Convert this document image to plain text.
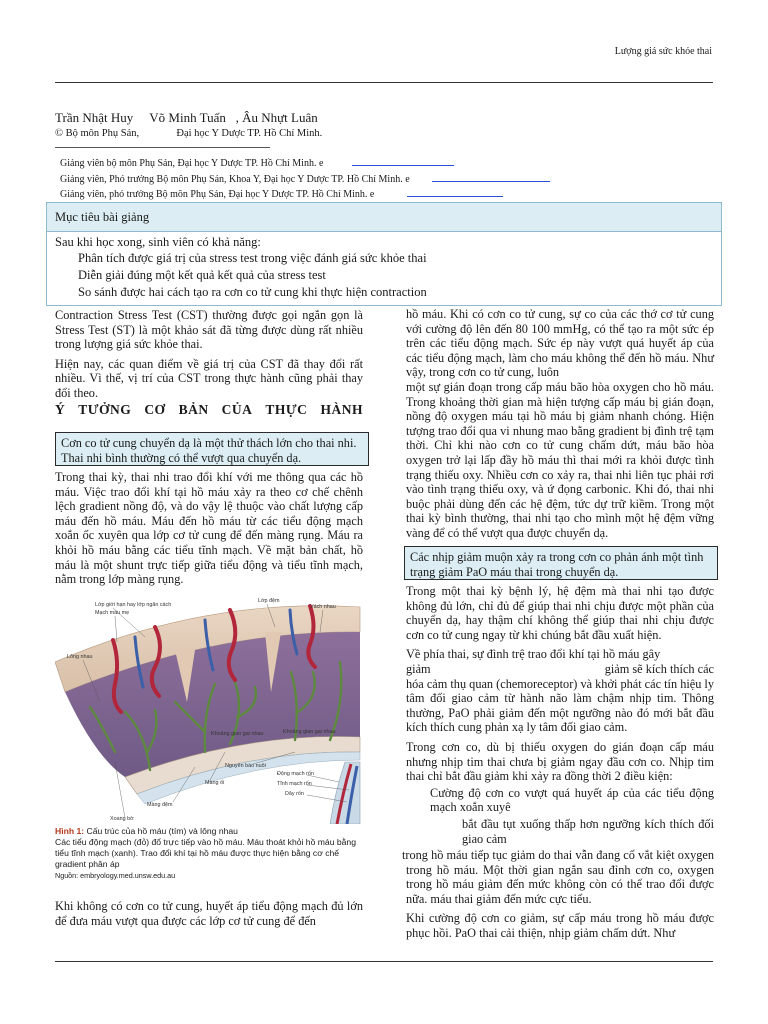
Lượng giá sức khỏe thai
Trần Nhật Huy     Võ Minh Tuấn   , Âu Nhựt Luân
© Bộ môn Phụ Sản,	Đại học Y Dược TP. Hồ Chí Minh.
Giảng viên bộ môn Phụ Sản, Đại học Y Dược TP. Hồ Chí Minh. e
Giảng viên, Phó trưởng Bộ môn Phụ Sản, Khoa Y, Đại học Y Dược TP. Hồ Chí Minh. e
Giảng viên, phó trưởng Bộ môn Phụ Sản, Đại học Y Dược TP. Hồ Chí Minh. e
Mục tiêu bài giảng
Sau khi học xong, sinh viên có khả năng:
Phân tích được giá trị của stress test trong việc đánh giá sức khỏe thai
Diễn giải đúng một kết quả kết quả của stress test
So sánh được hai cách tạo ra cơn co tử cung khi thực hiện contraction

Contraction Stress Test (CST) thường được gọi ngắn gọn là Stress Test (ST) là một khảo sát đã từng được dùng rất nhiều trong lượng giá sức khỏe thai.

Hiện nay, các quan điểm về giá trị của CST đã thay đổi rất nhiều. Vì thế, vị trí của CST trong thực hành cũng phải thay đổi theo.

Ý TƯỞNG CƠ BẢN CỦA THỰC HÀNH
Cơn co tử cung chuyển dạ là một thử thách lớn cho thai nhi. Thai nhi bình thường có thể vượt qua chuyển dạ.

Trong thai kỳ, thai nhi trao đổi khí với me thông qua các hồ máu. Việc trao đổi khí tại hồ máu xảy ra theo cơ chế chênh lệch gradient nồng độ, và do vậy lệ thuộc vào chất lượng cấp máu đến hồ máu. Máu đến hồ máu từ các tiểu động mạch xoắn ốc xuyên qua lớp cơ tử cung để đến màng rụng. Máu ra khỏi hồ máu bằng các tiểu tĩnh mạch. Về mặt bản chất, hồ máu là một shunt trực tiếp giữa tiểu động và tiểu tĩnh mạch, nằm trong lớp màng rụng.

Lớp giới hạn hay lớp ngăn cách
Mạch máu mẹ
Lớp đệm
Vách nhau
Lông nhau
Khoảng gian gai nhau	Khoảng gian gai nhau
Nguyên bào nuôi
Màng đệm
Màng ối
Động mạch rốn
Tĩnh mạch rốn
Dây rốn
Xoang bờ
Hình 1: Cấu trúc của hồ máu (tím) và lông nhau
Các tiểu động mạch (đỏ) đổ trực tiếp vào hồ máu. Máu thoát khỏi hồ máu bằng tiểu tĩnh mạch (xanh). Trao đổi khí tại hồ máu được thực hiện bằng cơ chế gradient phân áp
Nguồn: embryology.med.unsw.edu.au

Khi không có cơn co tử cung, huyết áp tiểu động mạch đủ lớn để đưa máu vượt qua được các lớp cơ tử cung để đến

hồ máu. Khi có cơn co tử cung, sự co của các thớ cơ tử cung với cường độ lên đến 80 100 mmHg, có thể tạo ra một sức ép trên các tiểu động mạch. Sức ép này vượt quá huyết áp của các tiểu động mạch, làm cho máu không thể đến hồ máu. Như vậy, trong cơn co tử cung, luôn

một sự gián đoạn trong cấp máu bão hòa oxygen cho hồ máu. Trong khoảng thời gian mà hiện tượng cấp máu bị gián đoạn, nồng độ oxygen máu tại hồ máu bị giảm nhanh chóng. Hiện tượng trao đổi qua vi nhung mao bằng gradient bị đình trệ tạm thời. Chỉ khi nào cơn co tử cung chấm dứt, máu bão hòa oxygen trở lại lấp đầy hồ máu thì thai mới ra khỏi được tình trạng thiếu oxy. Nhiều cơn co xảy ra, thai nhi liên tục phải rơi vào tình trạng thiếu oxy, và ứ đọng carbonic. Khi đó, thai nhi buộc phải dùng đến các hệ đệm, tức dự trữ kiềm. Trong một thai kỳ bình thường, thai nhi tạo cho mình một hệ đệm vững vàng để có thể vượt qua được chuyển dạ.

Các nhịp giảm muộn xảy ra trong cơn co phản ánh một tình trạng giảm PaO máu thai trong chuyển dạ.

Trong một thai kỳ bệnh lý, hệ đệm mà thai nhi tạo được không đủ lớn, chỉ đủ để giúp thai nhi chịu được một phần của chuyển dạ, hay thậm chí không thể giúp thai nhi chịu được cơn co tử cung ngay từ khi chúng bắt đầu xuất hiện.

Về phía thai, sự đình trệ trao đổi khí tại hồ máu gây

giảm	giảm sẽ kích thích các

hóa cảm thụ quan (chemoreceptor) và khởi phát các tín hiệu ly tâm đối giao cảm từ hành não làm chậm nhịp tim. Thông thường, PaO phải giảm đến một ngưỡng nào đó mới bắt đầu kích thích cung phản xạ ly tâm đối giao cảm.

Trong cơn co, dù bị thiếu oxygen do gián đoạn cấp máu nhưng nhịp tim thai chưa bị giảm ngay đầu cơn co. Nhịp tim thai chỉ bắt đầu giảm khi xảy ra đồng thời 2 điều kiện:

Cường độ cơn co vượt quá huyết áp của các tiểu động mạch xoắn xuyê

bắt đầu tụt xuống thấp hơn ngưỡng kích thích đối giao cảm

trong hồ máu tiếp tục giảm do thai vẫn đang cố vắt kiệt oxygen trong hồ máu. Một thời gian ngắn sau đỉnh cơn co, oxygen trong hồ máu giảm đến mức không còn có thể trao đổi được nữa. máu thai giảm đến mức cực tiểu.

Khi cường độ cơn co giảm, sự cấp máu trong hồ máu được phục hồi. PaO thai cải thiện, nhịp giảm chấm dứt. Như
